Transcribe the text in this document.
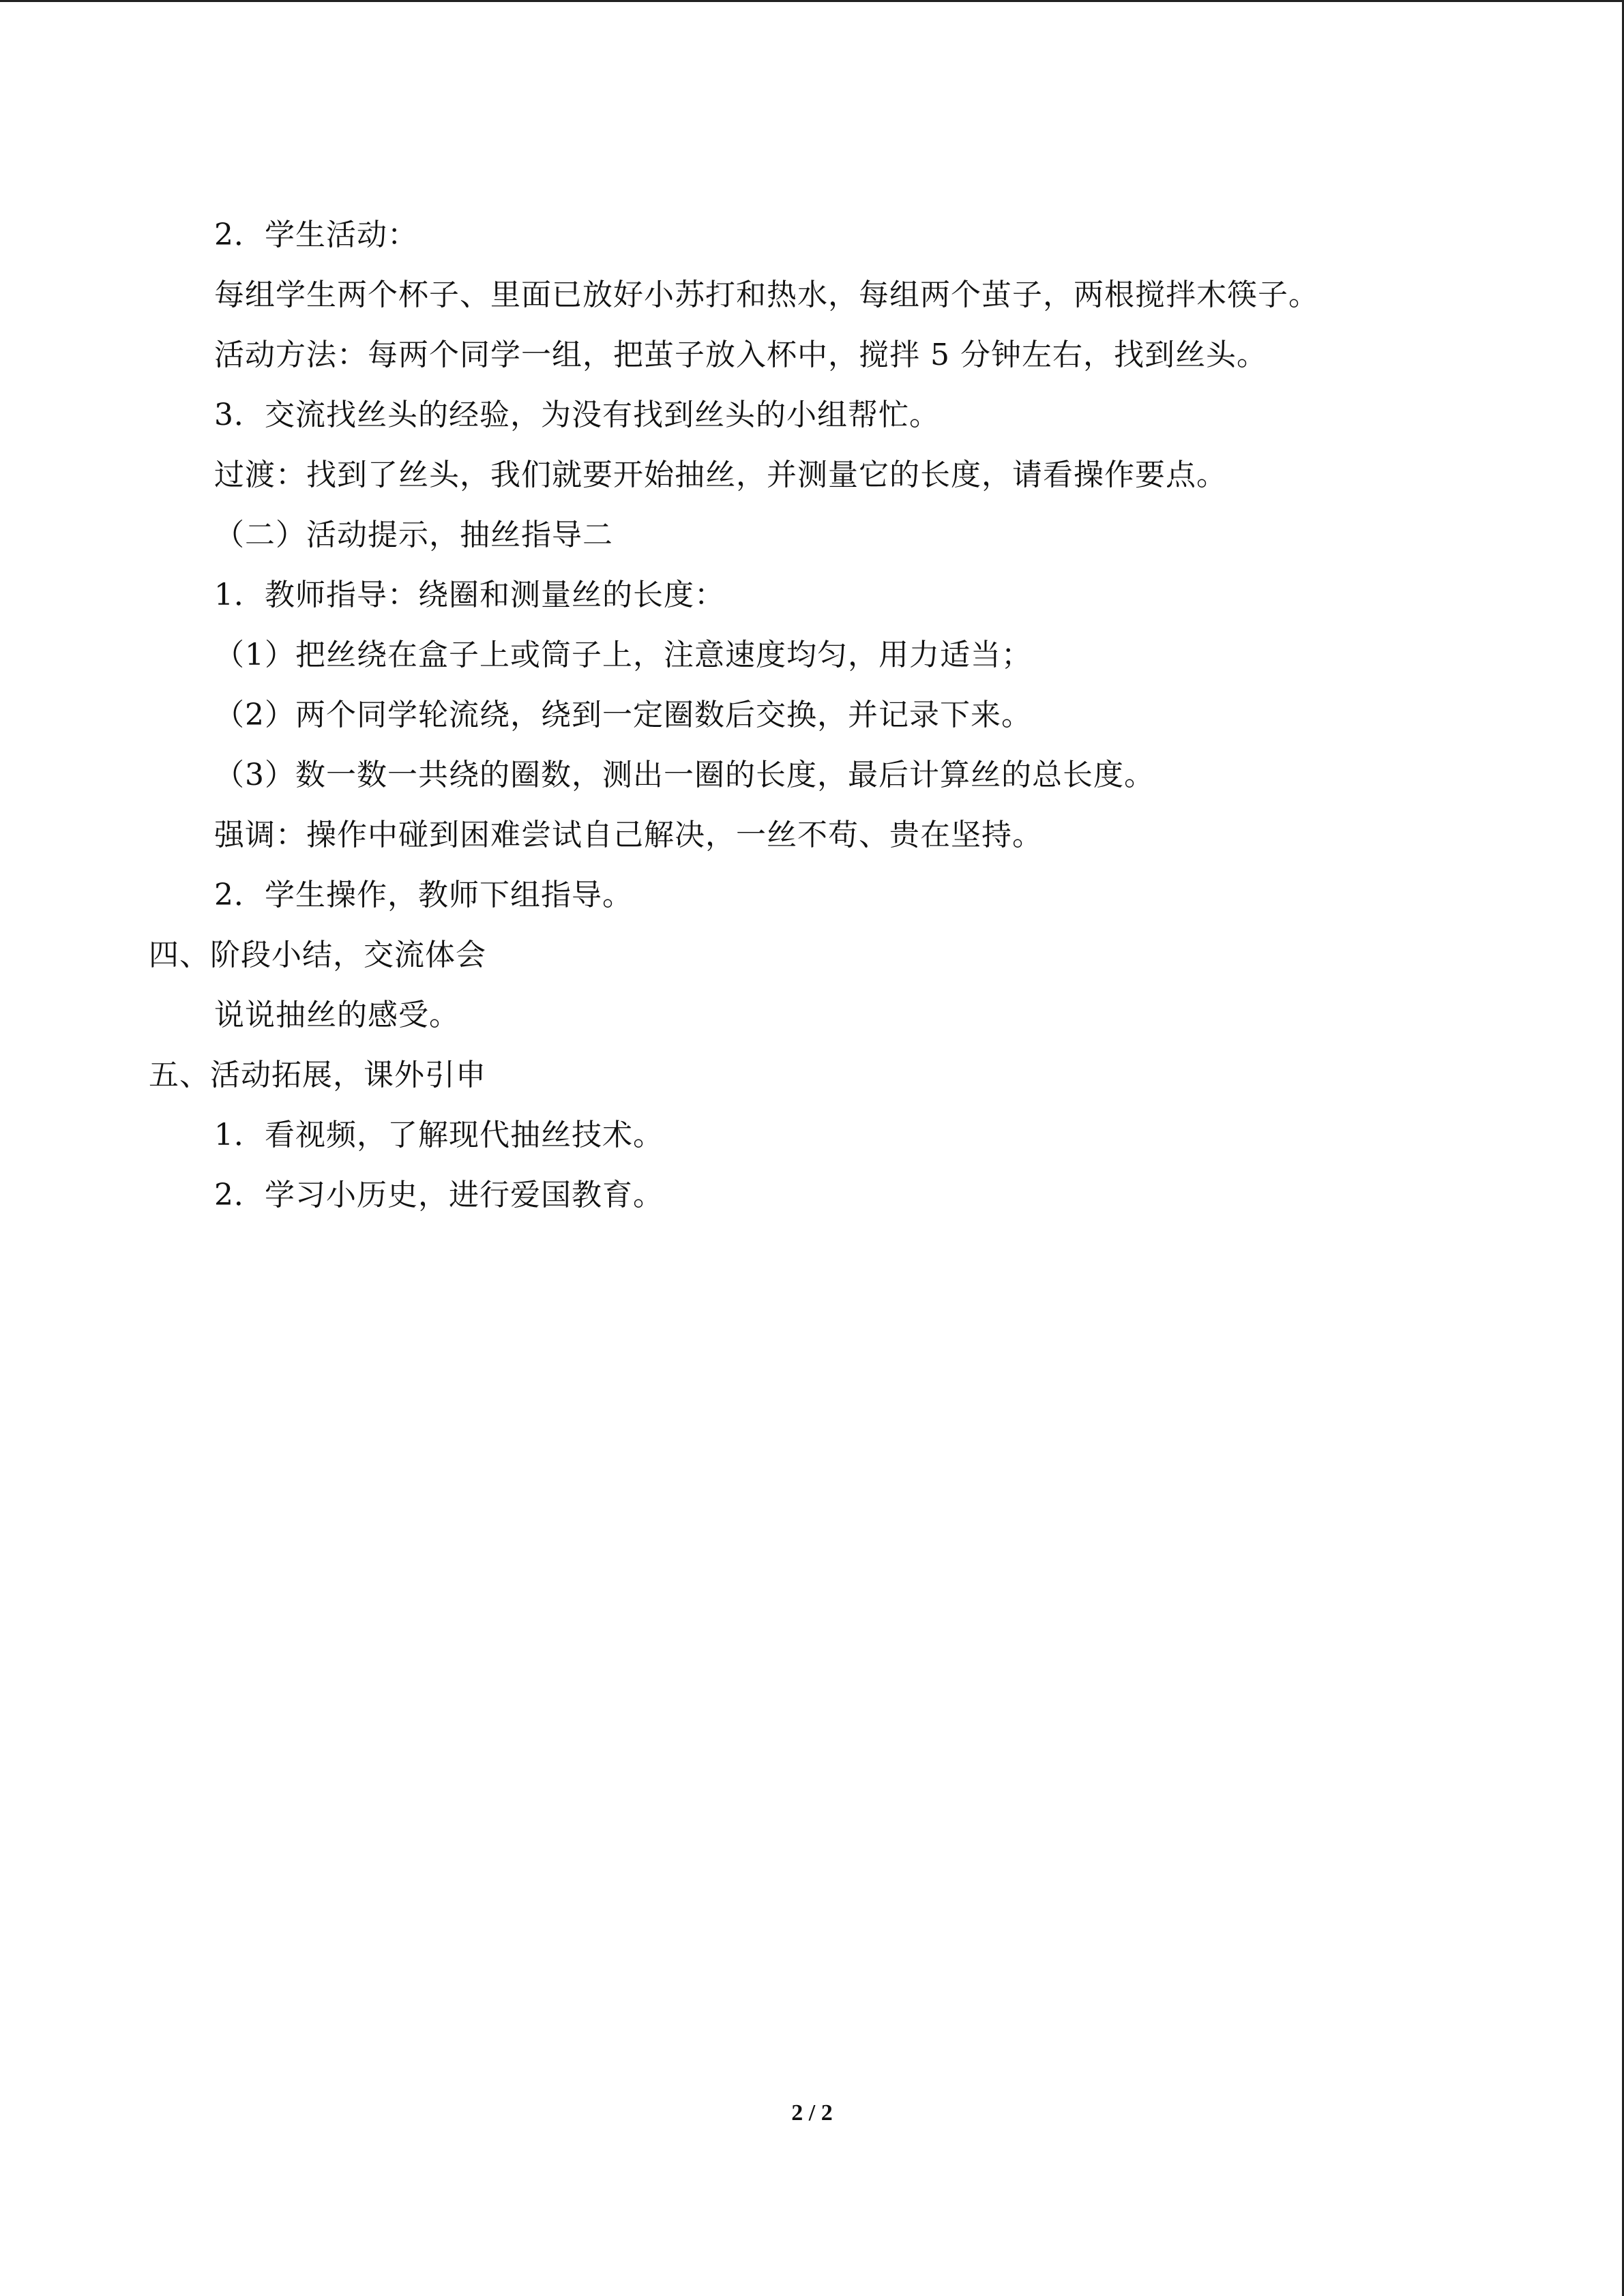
2．学生活动：
每组学生两个杯子、里面已放好小苏打和热水，每组两个茧子，两根搅拌木筷子。
活动方法：每两个同学一组，把茧子放入杯中，搅拌 5 分钟左右，找到丝头。
3．交流找丝头的经验，为没有找到丝头的小组帮忙。
过渡：找到了丝头，我们就要开始抽丝，并测量它的长度，请看操作要点。
（二）活动提示，抽丝指导二
1．教师指导：绕圈和测量丝的长度：
（1）把丝绕在盒子上或筒子上，注意速度均匀，用力适当；
（2）两个同学轮流绕，绕到一定圈数后交换，并记录下来。
（3）数一数一共绕的圈数，测出一圈的长度，最后计算丝的总长度。
强调：操作中碰到困难尝试自己解决，一丝不苟、贵在坚持。
2．学生操作，教师下组指导。
四、阶段小结，交流体会
说说抽丝的感受。
五、活动拓展，课外引申
1．看视频，了解现代抽丝技术。
2．学习小历史，进行爱国教育。
2 / 2
